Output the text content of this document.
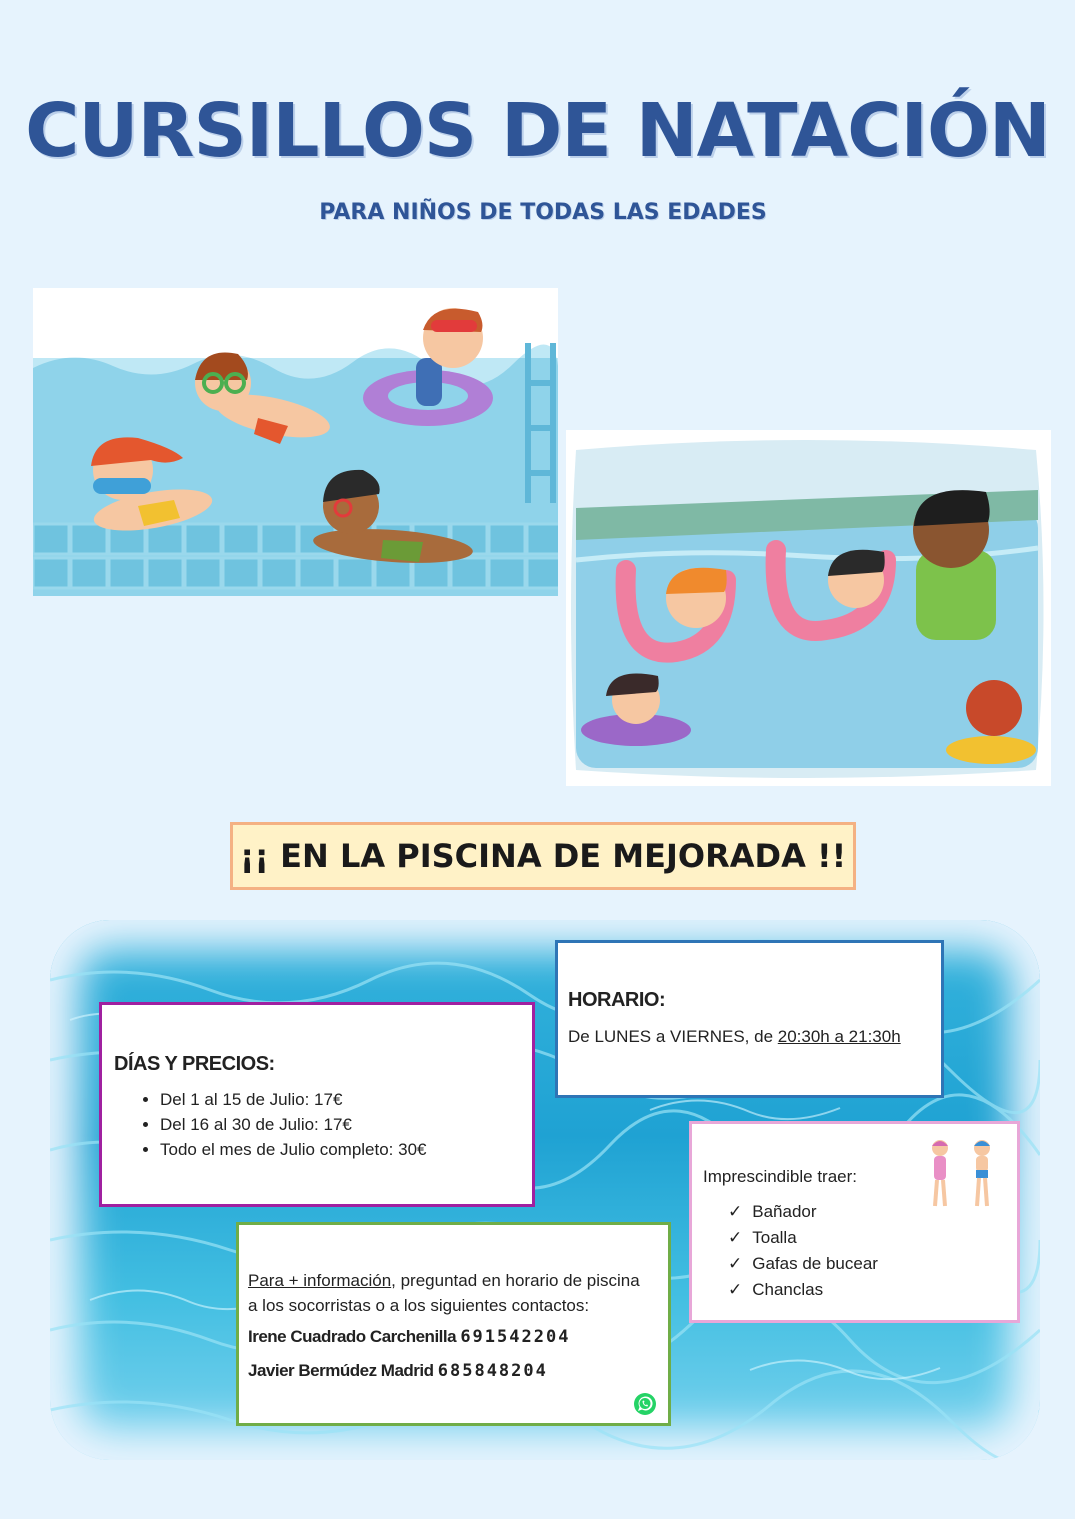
CURSILLOS DE NATACIÓN
PARA NIÑOS DE TODAS LAS EDADES
¡¡ EN LA PISCINA DE MEJORADA !!
DÍAS Y PRECIOS:
• Del 1 al 15 de Julio: 17€
• Del 16 al 30 de Julio: 17€
• Todo el mes de Julio completo: 30€
HORARIO:
De LUNES a VIERNES, de 20:30h a 21:30h
Imprescindible traer:
✓ Bañador
✓ Toalla
✓ Gafas de bucear
✓ Chanclas
Para + información, preguntad en horario de piscina
a los socorristas o a los siguientes contactos:
Irene Cuadrado Carchenilla 691542204
Javier Bermúdez Madrid 685848204
